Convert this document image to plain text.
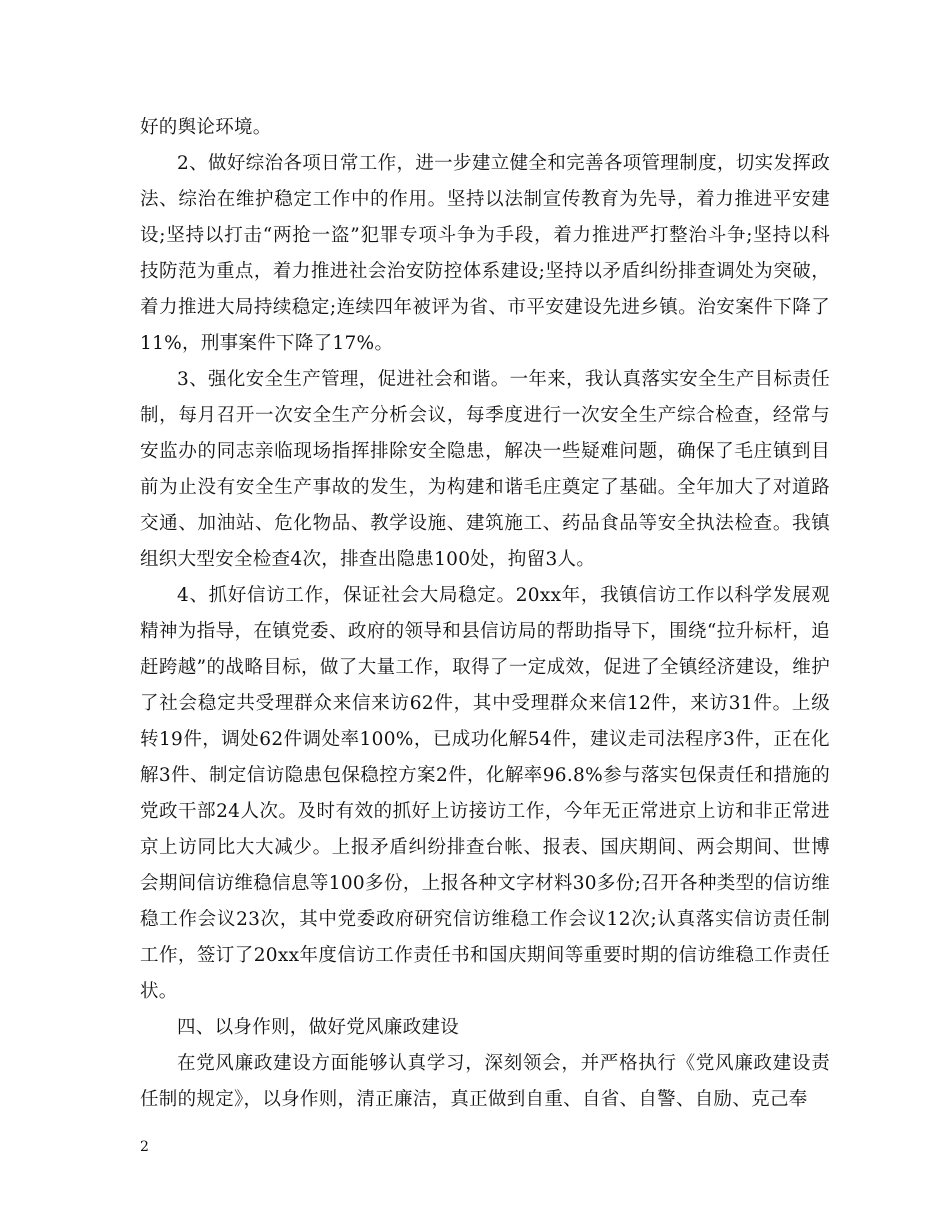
好的舆论环境。

2、做好综治各项日常工作，进一步建立健全和完善各项管理制度，切实发挥政法、综治在维护稳定工作中的作用。坚持以法制宣传教育为先导，着力推进平安建设;坚持以打击“两抢一盗”犯罪专项斗争为手段，着力推进严打整治斗争;坚持以科技防范为重点，着力推进社会治安防控体系建设;坚持以矛盾纠纷排查调处为突破，着力推进大局持续稳定;连续四年被评为省、市平安建设先进乡镇。治安案件下降了11%，刑事案件下降了17%。

3、强化安全生产管理，促进社会和谐。一年来，我认真落实安全生产目标责任制，每月召开一次安全生产分析会议，每季度进行一次安全生产综合检查，经常与安监办的同志亲临现场指挥排除安全隐患，解决一些疑难问题，确保了毛庄镇到目前为止没有安全生产事故的发生，为构建和谐毛庄奠定了基础。全年加大了对道路交通、加油站、危化物品、教学设施、建筑施工、药品食品等安全执法检查。我镇组织大型安全检查4次，排查出隐患100处，拘留3人。

4、抓好信访工作，保证社会大局稳定。20xx年，我镇信访工作以科学发展观精神为指导，在镇党委、政府的领导和县信访局的帮助指导下，围绕“拉升标杆，追赶跨越”的战略目标，做了大量工作，取得了一定成效，促进了全镇经济建设，维护了社会稳定共受理群众来信来访62件，其中受理群众来信12件，来访31件。上级转19件，调处62件调处率100%，已成功化解54件，建议走司法程序3件，正在化解3件、制定信访隐患包保稳控方案2件，化解率96.8%参与落实包保责任和措施的党政干部24人次。及时有效的抓好上访接访工作，今年无正常进京上访和非正常进京上访同比大大减少。上报矛盾纠纷排查台帐、报表、国庆期间、两会期间、世博会期间信访维稳信息等100多份，上报各种文字材料30多份;召开各种类型的信访维稳工作会议23次，其中党委政府研究信访维稳工作会议12次;认真落实信访责任制工作，签订了20xx年度信访工作责任书和国庆期间等重要时期的信访维稳工作责任状。

四、以身作则，做好党风廉政建设

在党风廉政建设方面能够认真学习，深刻领会，并严格执行《党风廉政建设责任制的规定》，以身作则，清正廉洁，真正做到自重、自省、自警、自励、克己奉

2
